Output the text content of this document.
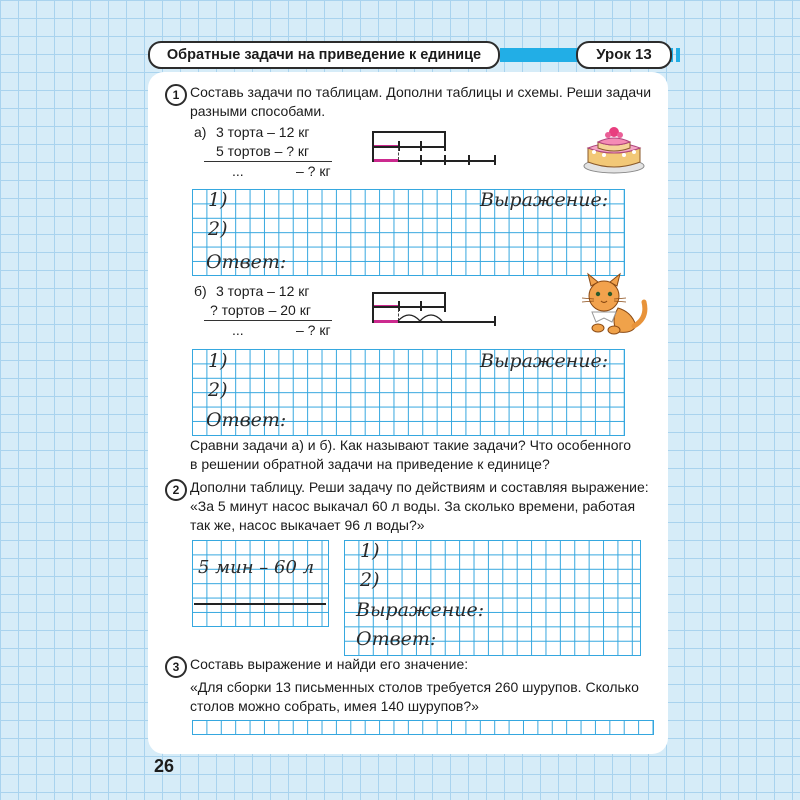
Обратные задачи на приведение к единице	Урок 13
1 Составь задачи по таблицам. Дополни таблицы и схемы. Реши задачи
разными способами.
а) 3 торта – 12 кг
5 тортов – ? кг
...	– ? кг
1)
2)
Выражение:
Ответ:
б) 3 торта – 12 кг
? тортов – 20 кг
...	– ? кг
1)
2)
Выражение:
Ответ:
Сравни задачи а) и б). Как называют такие задачи? Что особенного
в решении обратной задачи на приведение к единице?
2 Дополни таблицу. Реши задачу по действиям и составляя выражение:
«За 5 минут насос выкачал 60 л воды. За сколько времени, работая
так же, насос выкачает 96 л воды?»
5 мин – 60 л
1)
2)
Выражение:
Ответ:
3 Составь выражение и найди его значение:
«Для сборки 13 письменных столов требуется 260 шурупов. Сколько
столов можно собрать, имея 140 шурупов?»
26
